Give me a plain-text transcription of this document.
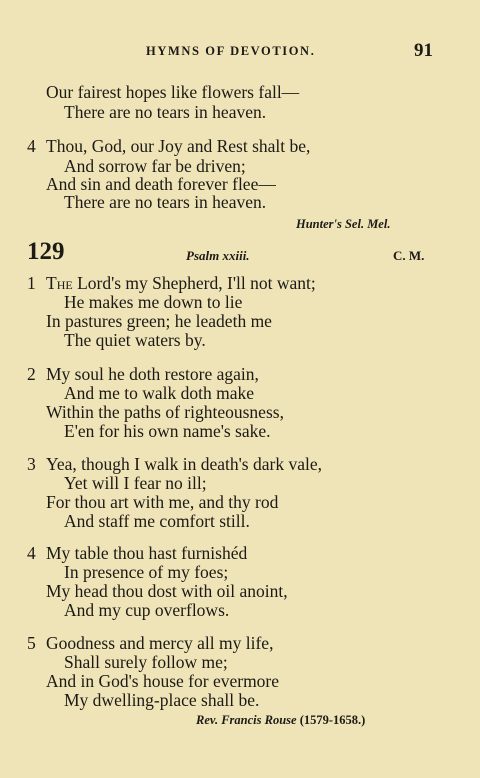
HYMNS OF DEVOTION.	91
Our fairest hopes like flowers fall—
There are no tears in heaven.
4 Thou, God, our Joy and Rest shalt be,
And sorrow far be driven;
And sin and death forever flee—
There are no tears in heaven.
Hunter's Sel. Mel.
129	Psalm xxiii.	C. M.
1 The Lord's my Shepherd, I'll not want;
He makes me down to lie
In pastures green; he leadeth me
The quiet waters by.
2 My soul he doth restore again,
And me to walk doth make
Within the paths of righteousness,
E'en for his own name's sake.
3 Yea, though I walk in death's dark vale,
Yet will I fear no ill;
For thou art with me, and thy rod
And staff me comfort still.
4 My table thou hast furnishéd
In presence of my foes;
My head thou dost with oil anoint,
And my cup overflows.
5 Goodness and mercy all my life,
Shall surely follow me;
And in God's house for evermore
My dwelling-place shall be.
Rev. Francis Rouse (1579-1658.)
